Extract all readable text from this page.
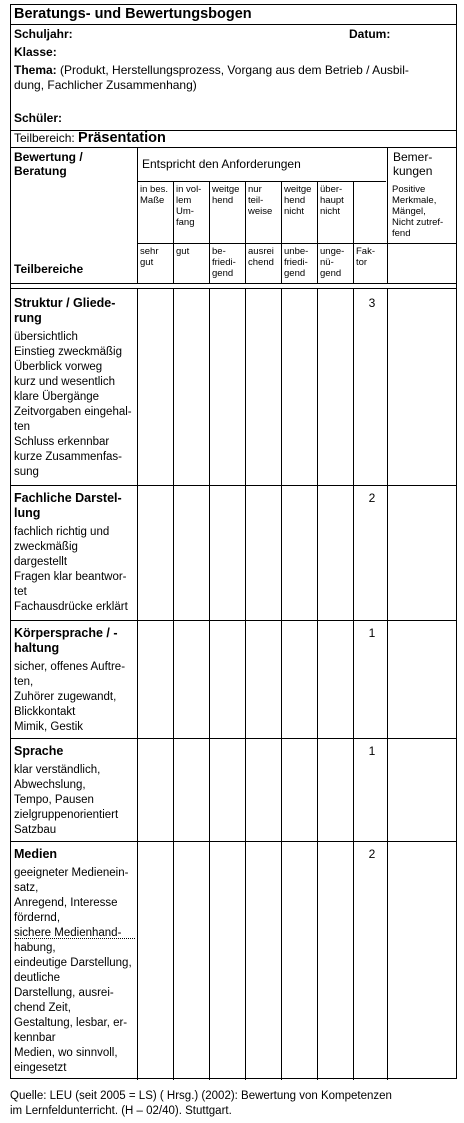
Beratungs- und Bewertungsbogen
Schuljahr:	Datum:
Klasse:
Thema: (Produkt, Herstellungsprozess, Vorgang aus dem Betrieb / Ausbil-
dung, Fachlicher Zusammenhang)
Schüler:
Teilbereich: Präsentation
Bewertung /
Beratung
Teilbereiche
Entspricht den Anforderungen	Bemer-
kungen
Positive
Merkmale,
Mängel,
Nicht zutref-
fend
in bes.
Maße
in vol-
lem
Um-
fang
weitge
hend
nur
teil-
weise
weitge
hend
nicht
über-
haupt
nicht
sehr
gut
gut be-
friedi-
gend
ausrei
chend
unbe-
friedi-
gend
unge-
nü-
gend
Fak-
tor
Struktur / Gliede-
rung
übersichtlich
Einstieg zweckmäßig
Überblick vorweg
kurz und wesentlich
klare Übergänge
Zeitvorgaben eingehal-
ten
Schluss erkennbar
kurze Zusammenfas-
sung
3
Fachliche Darstel-
lung
fachlich richtig und
zweckmäßig
dargestellt
Fragen klar beantwor-
tet
Fachausdrücke erklärt
2
Körpersprache / -
haltung
sicher, offenes Auftre-
ten,
Zuhörer zugewandt,
Blickkontakt
Mimik, Gestik
1
Sprache
klar verständlich,
Abwechslung,
Tempo, Pausen
zielgruppenorientiert
Satzbau
1
Medien
geeigneter Medienein-
satz,
Anregend, Interesse
fördernd,
sichere Medienhand-
habung,
eindeutige Darstellung,
deutliche
Darstellung, ausrei-
chend Zeit,
Gestaltung, lesbar, er-
kennbar
Medien, wo sinnvoll,
eingesetzt
2
Quelle: LEU (seit 2005 = LS) ( Hrsg.) (2002): Bewertung von Kompetenzen
im Lernfeldunterricht. (H – 02/40). Stuttgart.
